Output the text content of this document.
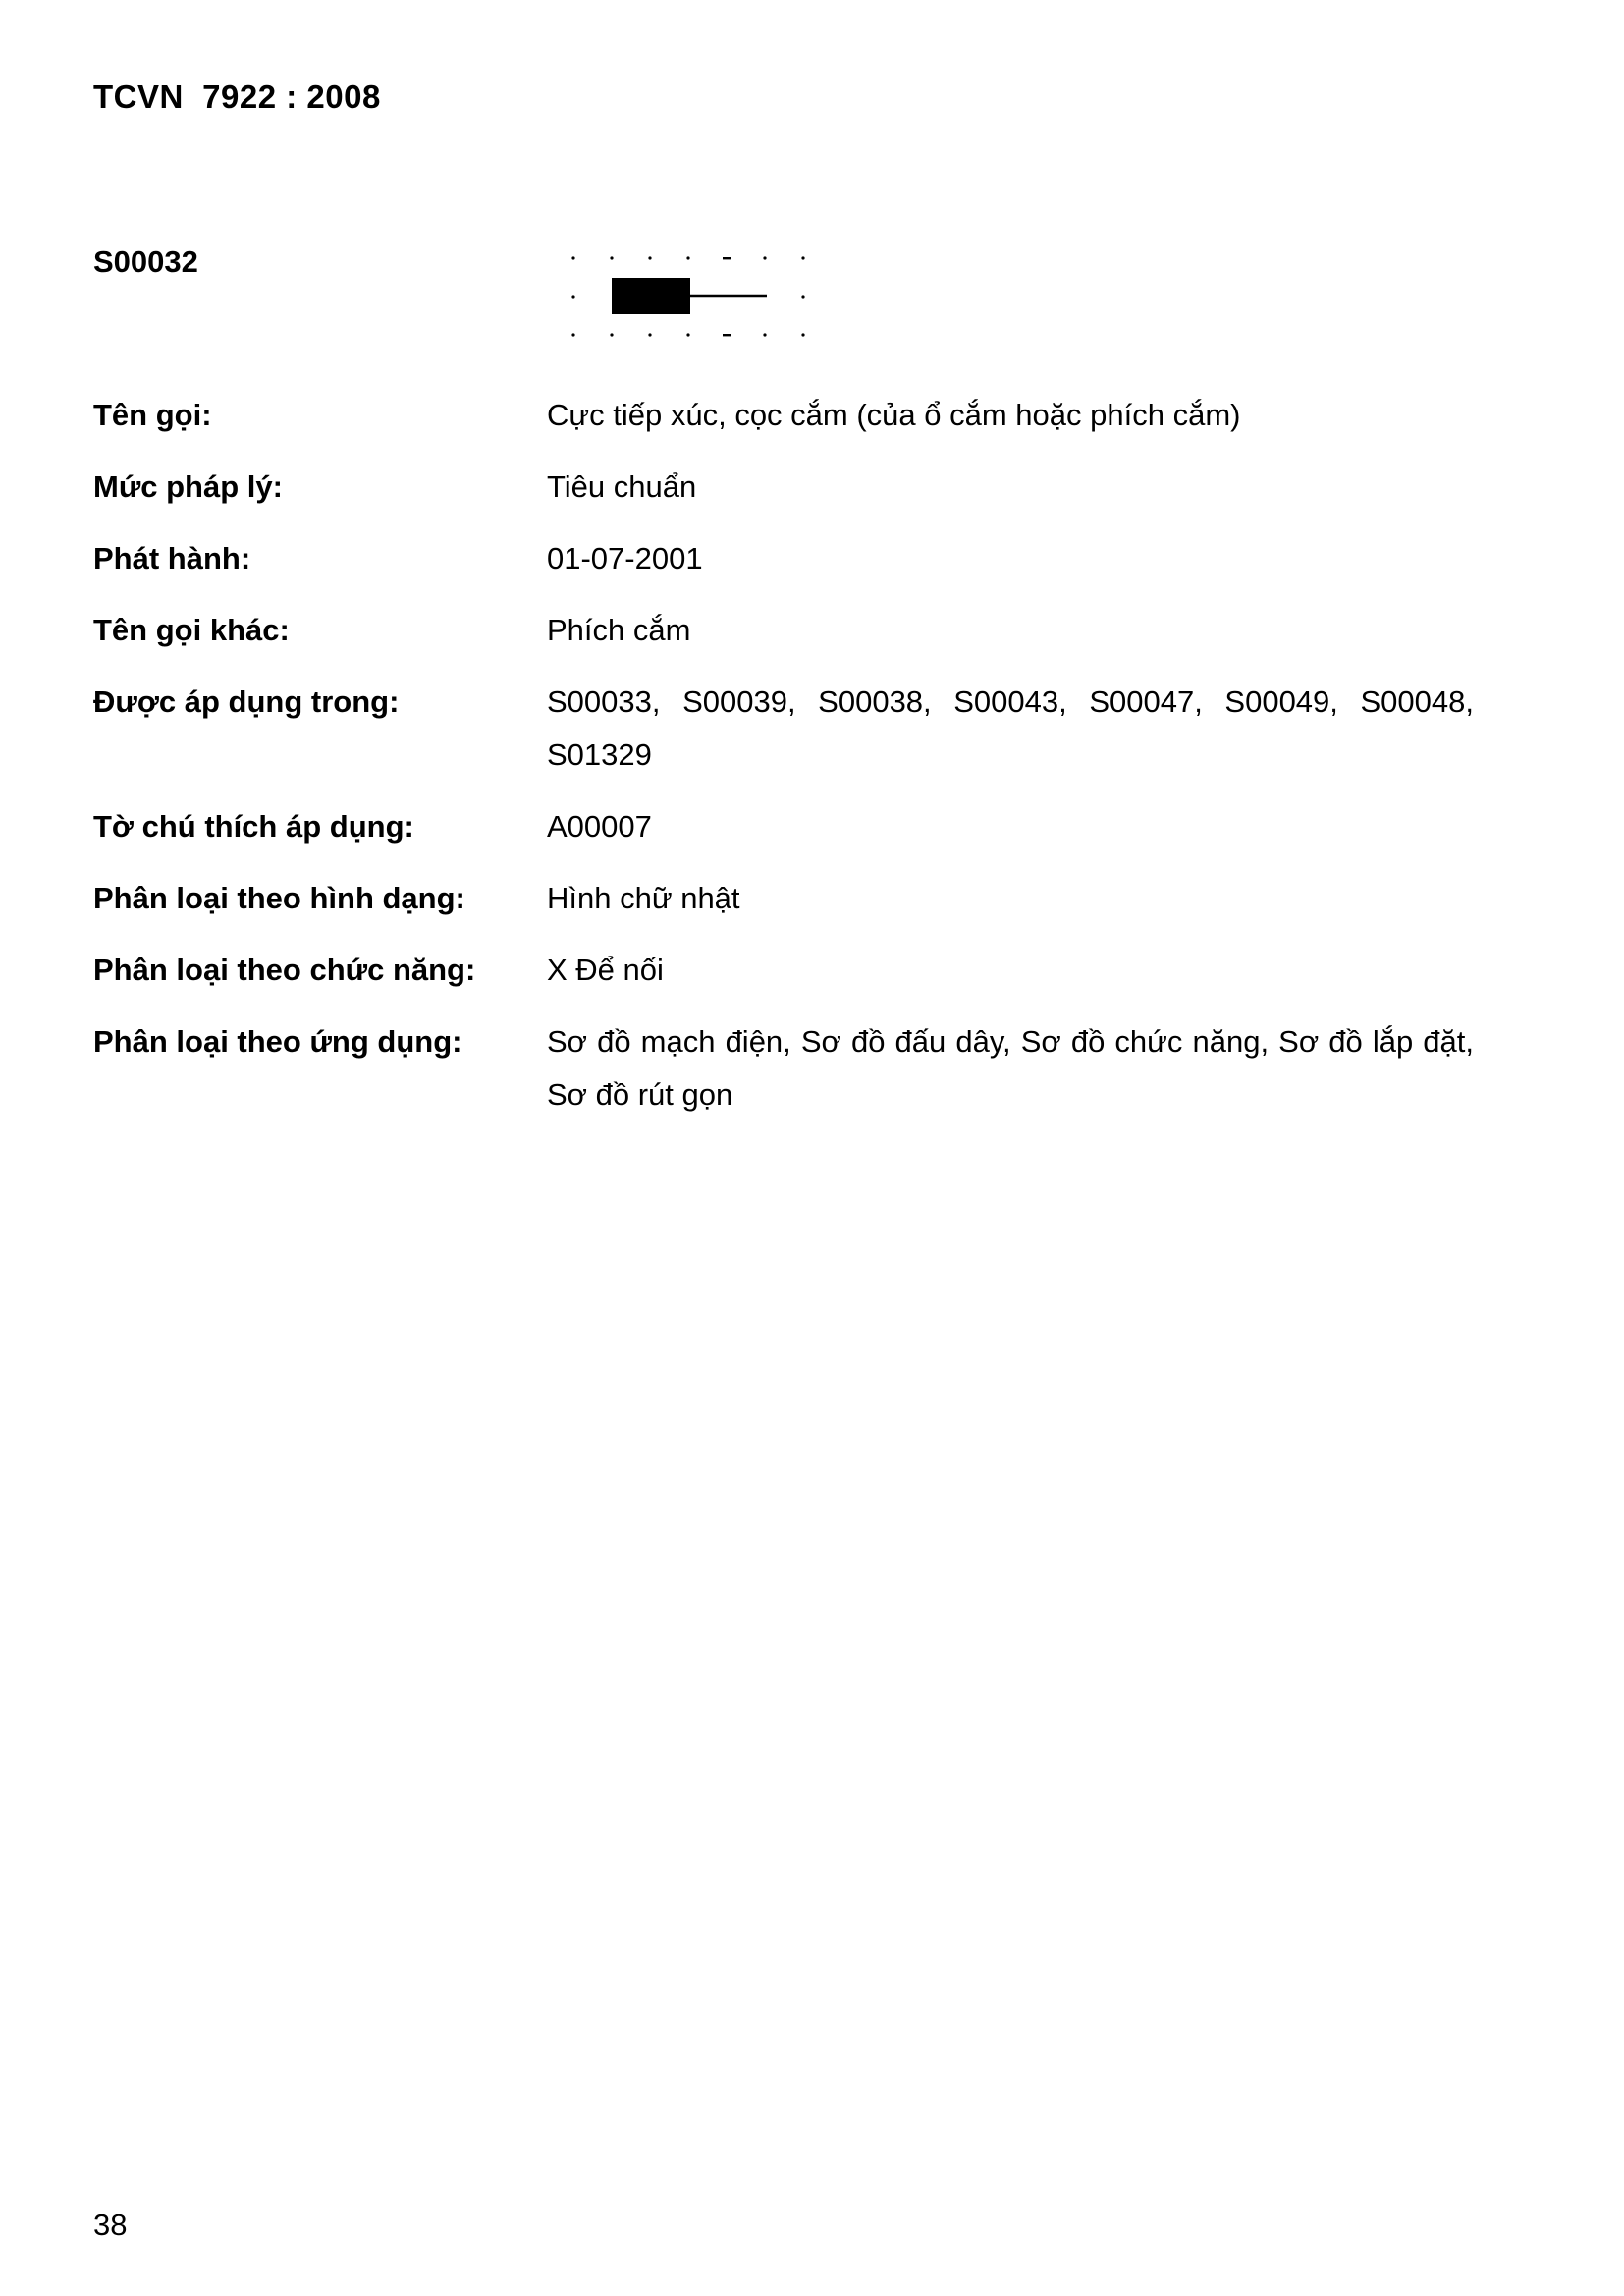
TCVN  7922 : 2008
S00032
Tên gọi:	Cực tiếp xúc, cọc cắm (của ổ cắm hoặc phích cắm)
Mức pháp lý:	Tiêu chuẩn
Phát hành:	01-07-2001
Tên gọi khác:	Phích cắm
Được áp dụng trong:	S00033, S00039, S00038, S00043, S00047, S00049, S00048, S01329
Tờ chú thích áp dụng:	A00007
Phân loại theo hình dạng:	Hình chữ nhật
Phân loại theo chức năng:	X Để nối
Phân loại theo ứng dụng:	Sơ đồ mạch điện, Sơ đồ đấu dây, Sơ đồ chức năng, Sơ đồ lắp đặt, Sơ đồ rút gọn
38
